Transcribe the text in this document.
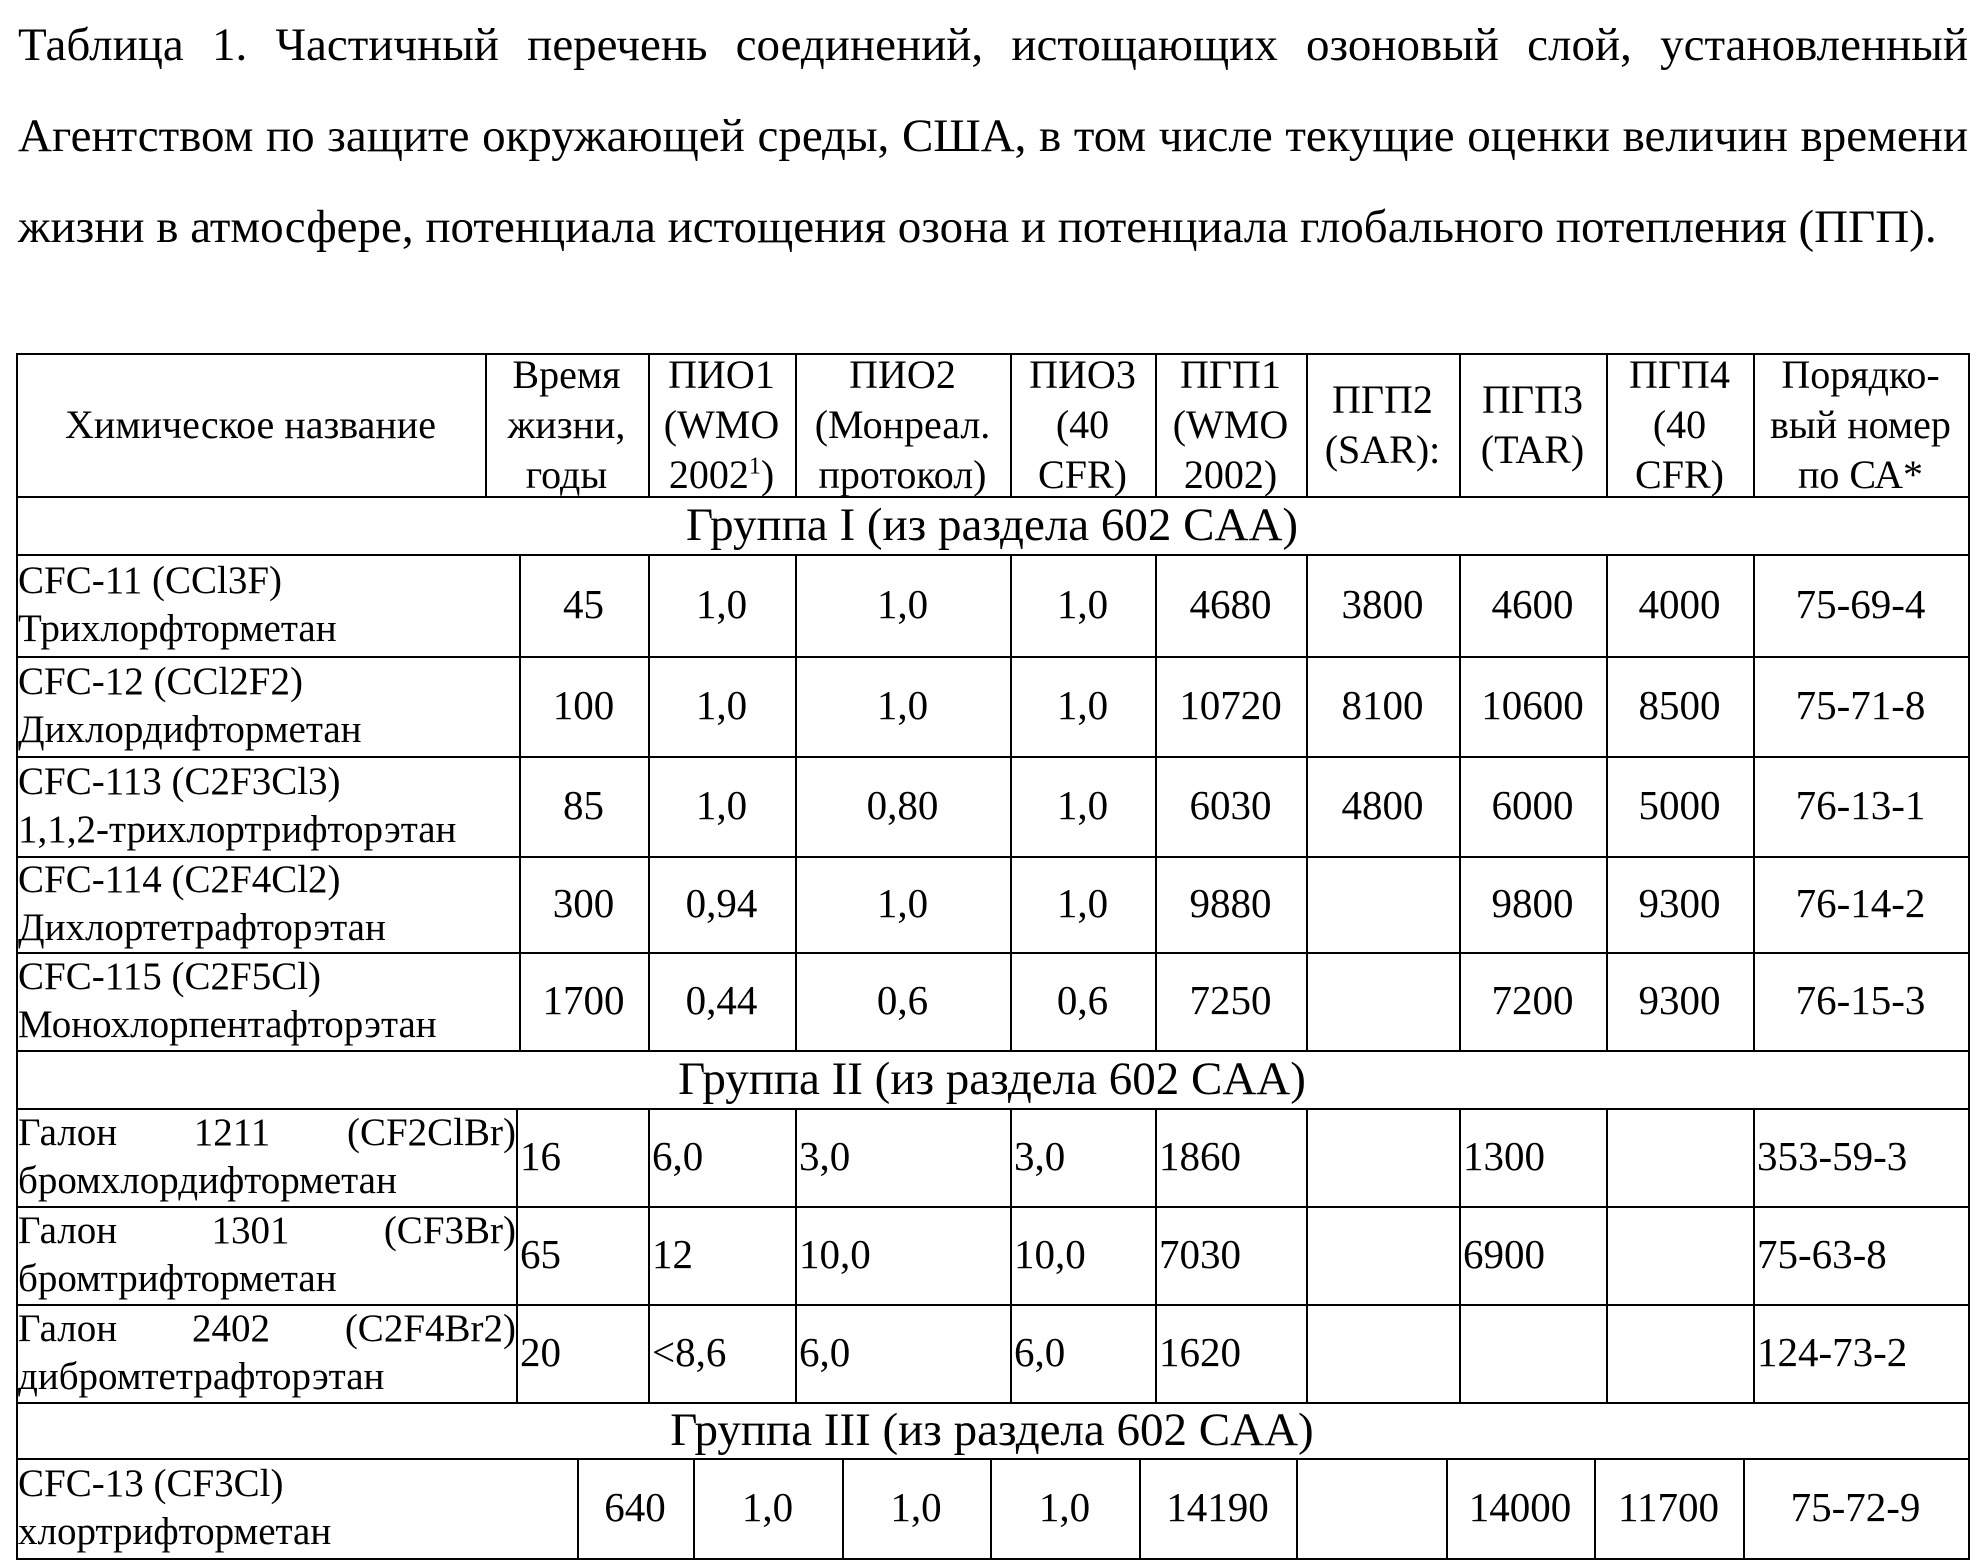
Таблица 1. Частичный перечень соединений, истощающих озоновый слой, установленный Агентством по защите окружающей среды, США, в том числе текущие оценки величин времени жизни в атмосфере, потенциала истощения озона и потенциала глобального потепления (ПГП).
Химическое название
Время
жизни,
годы
ПИО1
(WMO
20021)
ПИО2
(Монреал.
протокол)
ПИО3
(40
CFR)
ПГП1
(WMO
2002)
ПГП2
(SAR):
ПГП3
(TAR)
ПГП4
(40
CFR)
Порядко-
вый номер
по СА*
Группа I (из раздела 602 CAA)
CFC-11 (CCl3F)
Трихлорфторметан
45	1,0	1,0	1,0	4680	3800	4600	4000	75-69-4
CFC-12 (CCl2F2)
Дихлордифторметан
100	1,0	1,0	1,0	10720	8100	10600	8500	75-71-8
CFC-113 (C2F3Cl3)
1,1,2-трихлортрифторэтан
85	1,0	0,80	1,0	6030	4800	6000	5000	76-13-1
CFC-114 (C2F4Cl2)
Дихлортетрафторэтан
300	0,94	1,0	1,0	9880	9800	9300	76-14-2
CFC-115 (C2F5Cl)
Монохлорпентафторэтан
1700	0,44	0,6	0,6	7250	7200	9300	76-15-3
Группа II (из раздела 602 CAA)
Галон 1211 (CF2ClBr)
бромхлордифторметан
16	6,0	3,0	3,0	1860	1300	353-59-3
Галон 1301 (CF3Br)
бромтрифторметан
65	12	10,0	10,0	7030	6900	75-63-8
Галон 2402 (C2F4Br2)
дибромтетрафторэтан
20	<8,6	6,0	6,0	1620	124-73-2
Группа III (из раздела 602 CAA)
CFC-13 (CF3Cl)
хлортрифторметан
640	1,0	1,0	1,0	14190	14000	11700	75-72-9
